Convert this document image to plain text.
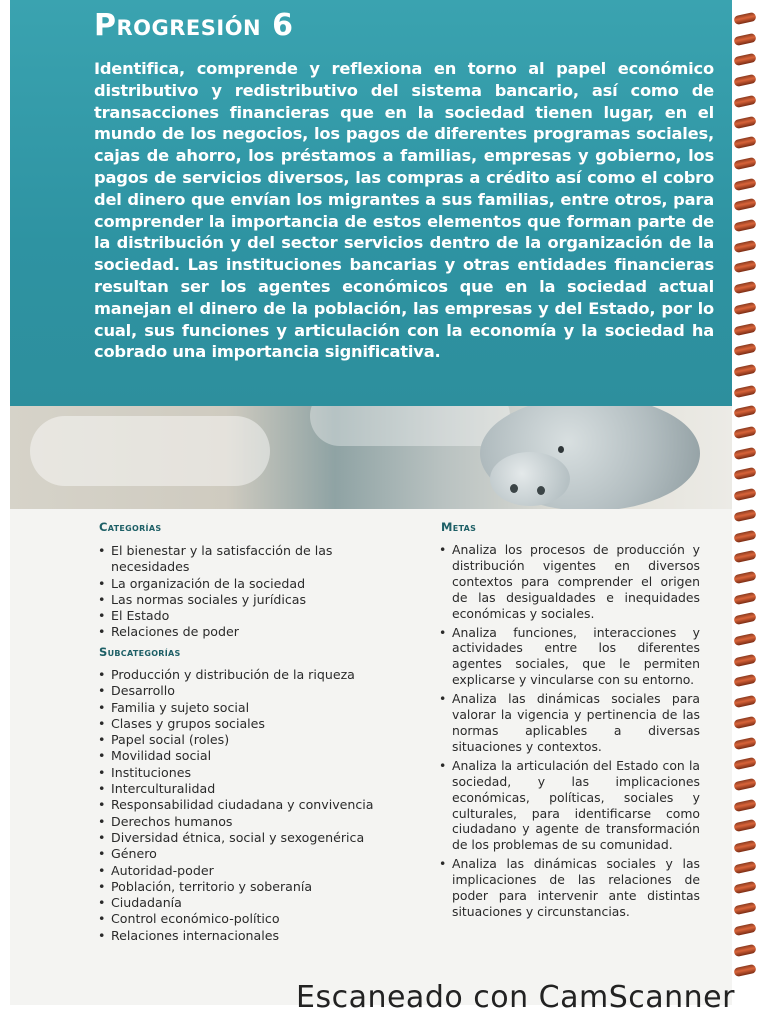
Progresión 6

Identifica, comprende y reflexiona en torno al papel económico distributivo y redistributivo del sistema bancario, así como de transacciones financieras que en la sociedad tienen lugar, en el mundo de los negocios, los pagos de diferentes programas sociales, cajas de ahorro, los préstamos a familias, empresas y gobierno, los pagos de servicios diversos, las compras a crédito así como el cobro del dinero que envían los migrantes a sus familias, entre otros, para comprender la importancia de estos elementos que forman parte de la distribución y del sector servicios dentro de la organización de la sociedad. Las instituciones bancarias y otras entidades financieras resultan ser los agentes económicos que en la sociedad actual manejan el dinero de la población, las empresas y del Estado, por lo cual, sus funciones y articulación con la economía y la sociedad ha cobrado una importancia significativa.

Categorías
• El bienestar y la satisfacción de las necesidades
• La organización de la sociedad
• Las normas sociales y jurídicas
• El Estado
• Relaciones de poder
Subcategorías
• Producción y distribución de la riqueza
• Desarrollo
• Familia y sujeto social
• Clases y grupos sociales
• Papel social (roles)
• Movilidad social
• Instituciones
• Interculturalidad
• Responsabilidad ciudadana y convivencia
• Derechos humanos
• Diversidad étnica, social y sexogenérica
• Género
• Autoridad-poder
• Población, territorio y soberanía
• Ciudadanía
• Control económico-político
• Relaciones internacionales
Metas
• Analiza los procesos de producción y distribución vigentes en diversos contextos para comprender el origen de las desigualdades e inequidades económicas y sociales.
• Analiza funciones, interacciones y actividades entre los diferentes agentes sociales, que le permiten explicarse y vincularse con su entorno.
• Analiza las dinámicas sociales para valorar la vigencia y pertinencia de las normas aplicables a diversas situaciones y contextos.
• Analiza la articulación del Estado con la sociedad, y las implicaciones económicas, políticas, sociales y culturales, para identificarse como ciudadano y agente de transformación de los problemas de su comunidad.
• Analiza las dinámicas sociales y las implicaciones de las relaciones de poder para intervenir ante distintas situaciones y circunstancias.

Escaneado con CamScanner
